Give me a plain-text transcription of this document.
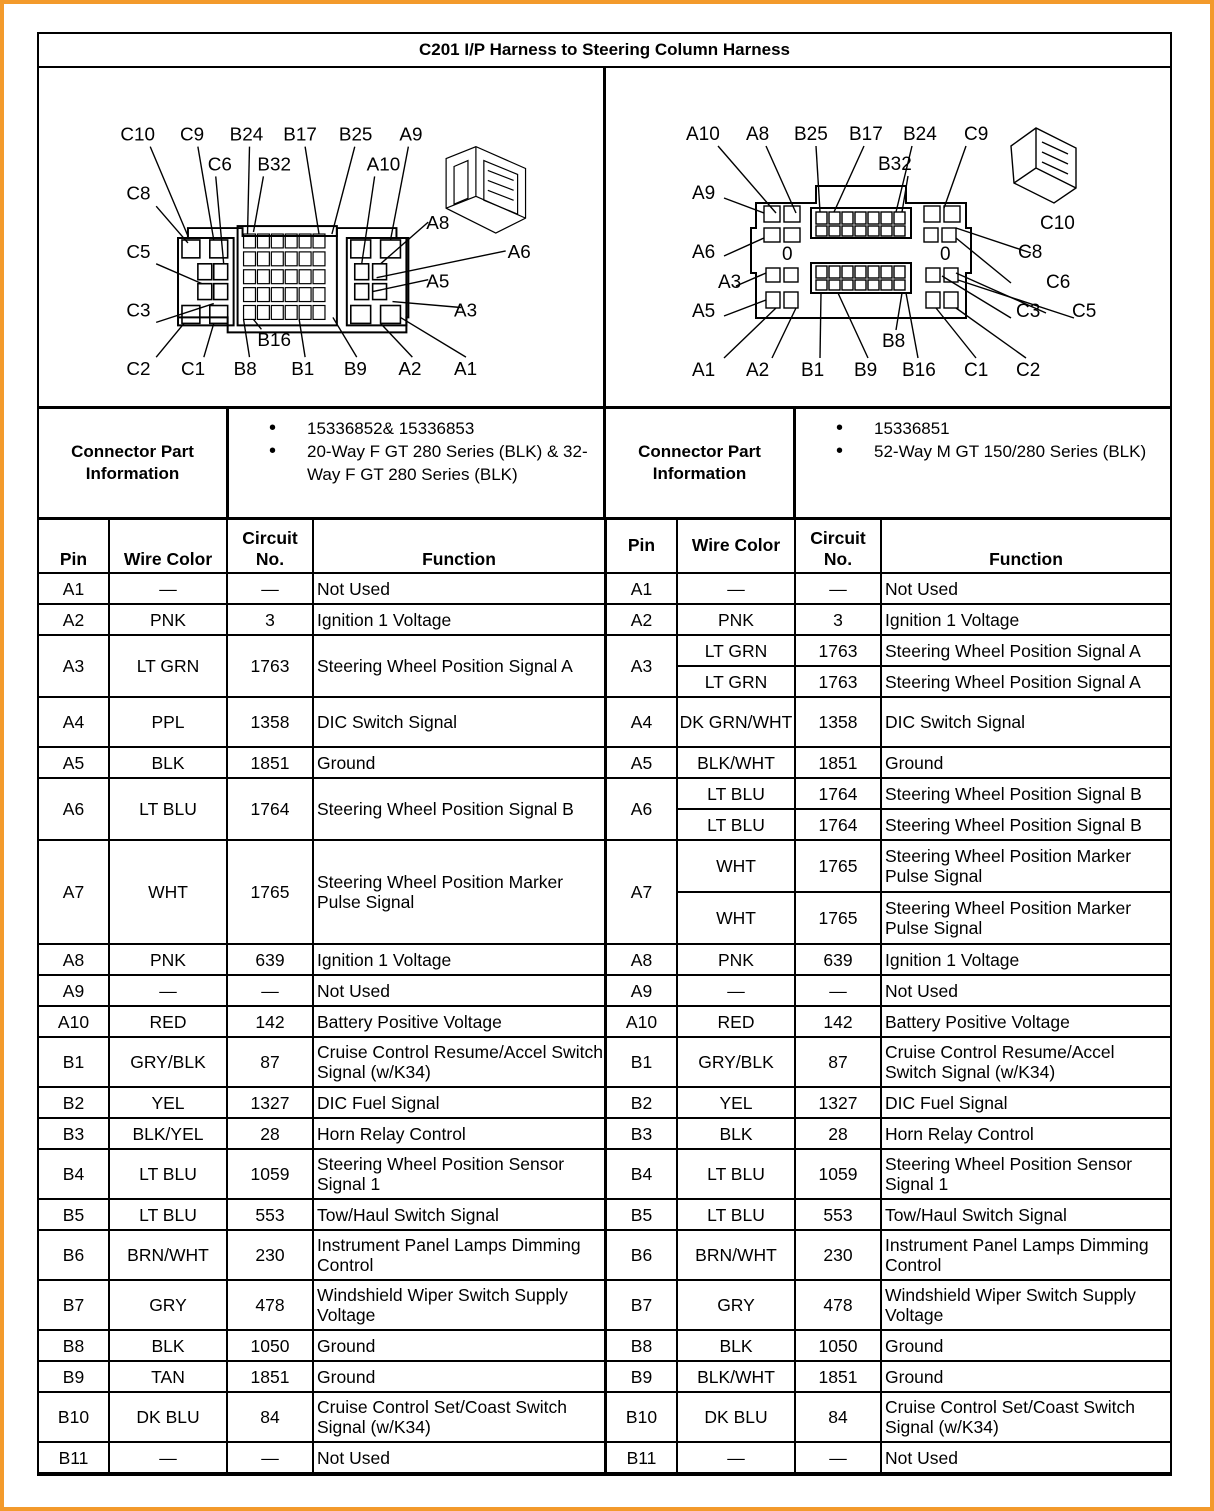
C201 I/P Harness to Steering Column Harness
C10 C9 B24 B17 B25 A9
C6 B32	A10
C8
A8
A6
C5
A5
C3	A3
B16
C2 C1 B8 B1 B9 A2 A1
A10 A8 B25 B17 B24 C9
B32
A9
C10
A6	0	0	C8
C6
A3
A5	C3 C5
B8
A1 A2 B1 B9 B16 C1 C2
Connector Part Information
• 15336852& 15336853
• 20-Way F GT 280 Series (BLK) & 32-Way F GT 280 Series (BLK)
Connector Part Information
• 15336851
• 52-Way M GT 150/280 Series (BLK)
Pin	Wire Color	Circuit No.	Function
A1	—	—	Not Used
A2	PNK	3	Ignition 1 Voltage
A3	LT GRN	1763	Steering Wheel Position Signal A
A4	PPL	1358	DIC Switch Signal
A5	BLK	1851	Ground
A6	LT BLU	1764	Steering Wheel Position Signal B
A7	WHT	1765	Steering Wheel Position Marker Pulse Signal
A8	PNK	639	Ignition 1 Voltage
A9	—	—	Not Used
A10	RED	142	Battery Positive Voltage
B1	GRY/BLK	87	Cruise Control Resume/Accel Switch Signal (w/K34)
B2	YEL	1327	DIC Fuel Signal
B3	BLK/YEL	28	Horn Relay Control
B4	LT BLU	1059	Steering Wheel Position Sensor Signal 1
B5	LT BLU	553	Tow/Haul Switch Signal
B6	BRN/WHT	230	Instrument Panel Lamps Dimming Control
B7	GRY	478	Windshield Wiper Switch Supply Voltage
B8	BLK	1050	Ground
B9	TAN	1851	Ground
B10	DK BLU	84	Cruise Control Set/Coast Switch Signal (w/K34)
B11	—	—	Not Used
Pin	Wire Color	Circuit No.	Function
A1	—	—	Not Used
A2	PNK	3	Ignition 1 Voltage
A3	LT GRN	1763	Steering Wheel Position Signal A
	LT GRN	1763	Steering Wheel Position Signal A
A4	DK GRN/WHT	1358	DIC Switch Signal
A5	BLK/WHT	1851	Ground
A6	LT BLU	1764	Steering Wheel Position Signal B
	LT BLU	1764	Steering Wheel Position Signal B
A7	WHT	1765	Steering Wheel Position Marker Pulse Signal
	WHT	1765	Steering Wheel Position Marker Pulse Signal
A8	PNK	639	Ignition 1 Voltage
A9	—	—	Not Used
A10	RED	142	Battery Positive Voltage
B1	GRY/BLK	87	Cruise Control Resume/Accel Switch Signal (w/K34)
B2	YEL	1327	DIC Fuel Signal
B3	BLK	28	Horn Relay Control
B4	LT BLU	1059	Steering Wheel Position Sensor Signal 1
B5	LT BLU	553	Tow/Haul Switch Signal
B6	BRN/WHT	230	Instrument Panel Lamps Dimming Control
B7	GRY	478	Windshield Wiper Switch Supply Voltage
B8	BLK	1050	Ground
B9	BLK/WHT	1851	Ground
B10	DK BLU	84	Cruise Control Set/Coast Switch Signal (w/K34)
B11	—	—	Not Used
